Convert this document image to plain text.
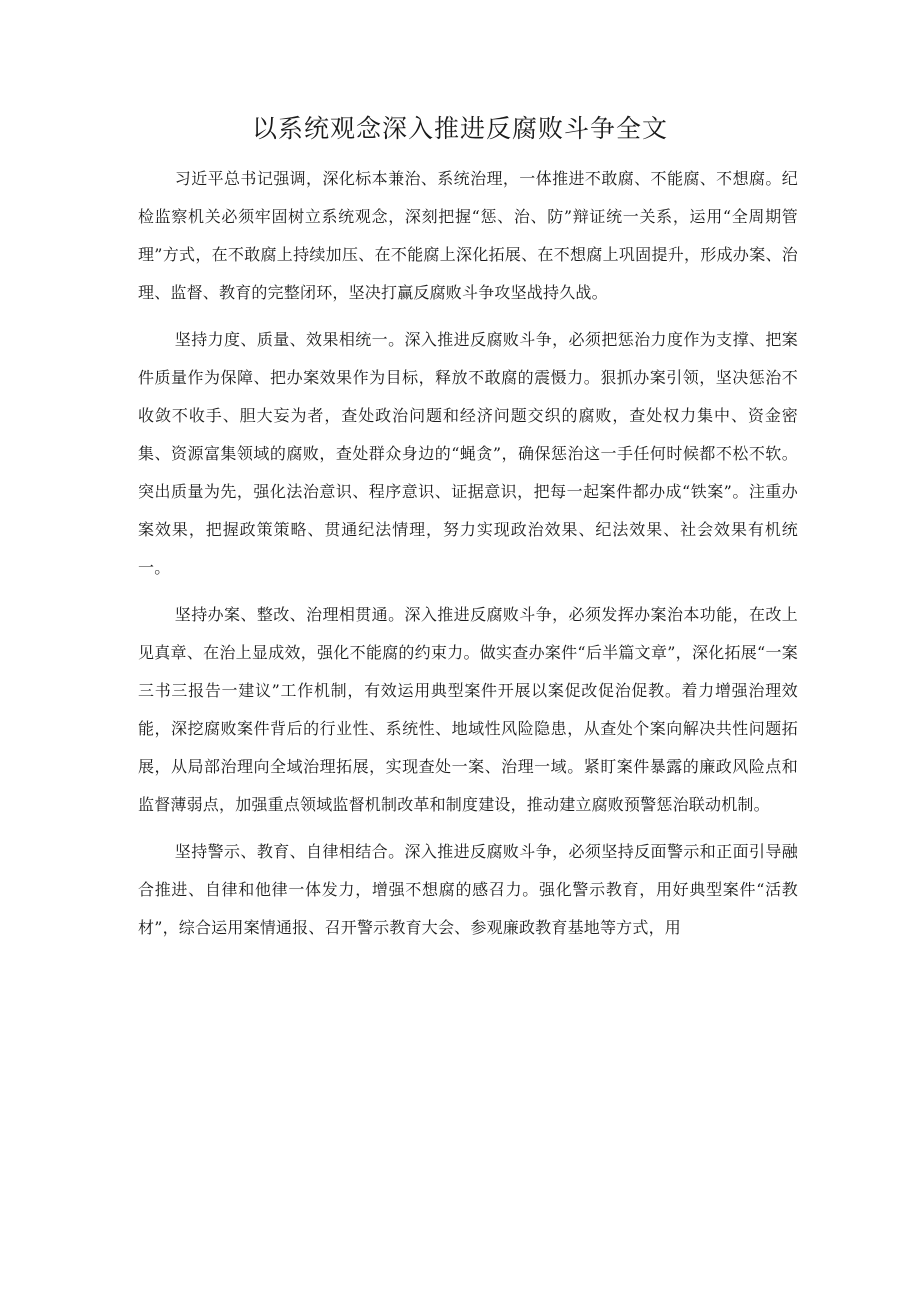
以系统观念深入推进反腐败斗争全文

习近平总书记强调，深化标本兼治、系统治理，一体推进不敢腐、不能腐、不想腐。纪检监察机关必须牢固树立系统观念，深刻把握“惩、治、防”辩证统一关系，运用“全周期管理”方式，在不敢腐上持续加压、在不能腐上深化拓展、在不想腐上巩固提升，形成办案、治理、监督、教育的完整闭环，坚决打赢反腐败斗争攻坚战持久战。

坚持力度、质量、效果相统一。深入推进反腐败斗争，必须把惩治力度作为支撑、把案件质量作为保障、把办案效果作为目标，释放不敢腐的震慑力。狠抓办案引领，坚决惩治不收敛不收手、胆大妄为者，查处政治问题和经济问题交织的腐败，查处权力集中、资金密集、资源富集领域的腐败，查处群众身边的“蝇贪”，确保惩治这一手任何时候都不松不软。突出质量为先，强化法治意识、程序意识、证据意识，把每一起案件都办成“铁案”。注重办案效果，把握政策策略、贯通纪法情理，努力实现政治效果、纪法效果、社会效果有机统一。

坚持办案、整改、治理相贯通。深入推进反腐败斗争，必须发挥办案治本功能，在改上见真章、在治上显成效，强化不能腐的约束力。做实查办案件“后半篇文章”，深化拓展“一案三书三报告一建议”工作机制，有效运用典型案件开展以案促改促治促教。着力增强治理效能，深挖腐败案件背后的行业性、系统性、地域性风险隐患，从查处个案向解决共性问题拓展，从局部治理向全域治理拓展，实现查处一案、治理一域。紧盯案件暴露的廉政风险点和监督薄弱点，加强重点领域监督机制改革和制度建设，推动建立腐败预警惩治联动机制。

坚持警示、教育、自律相结合。深入推进反腐败斗争，必须坚持反面警示和正面引导融合推进、自律和他律一体发力，增强不想腐的感召力。强化警示教育，用好典型案件“活教材”，综合运用案情通报、召开警示教育大会、参观廉政教育基地等方式，用
